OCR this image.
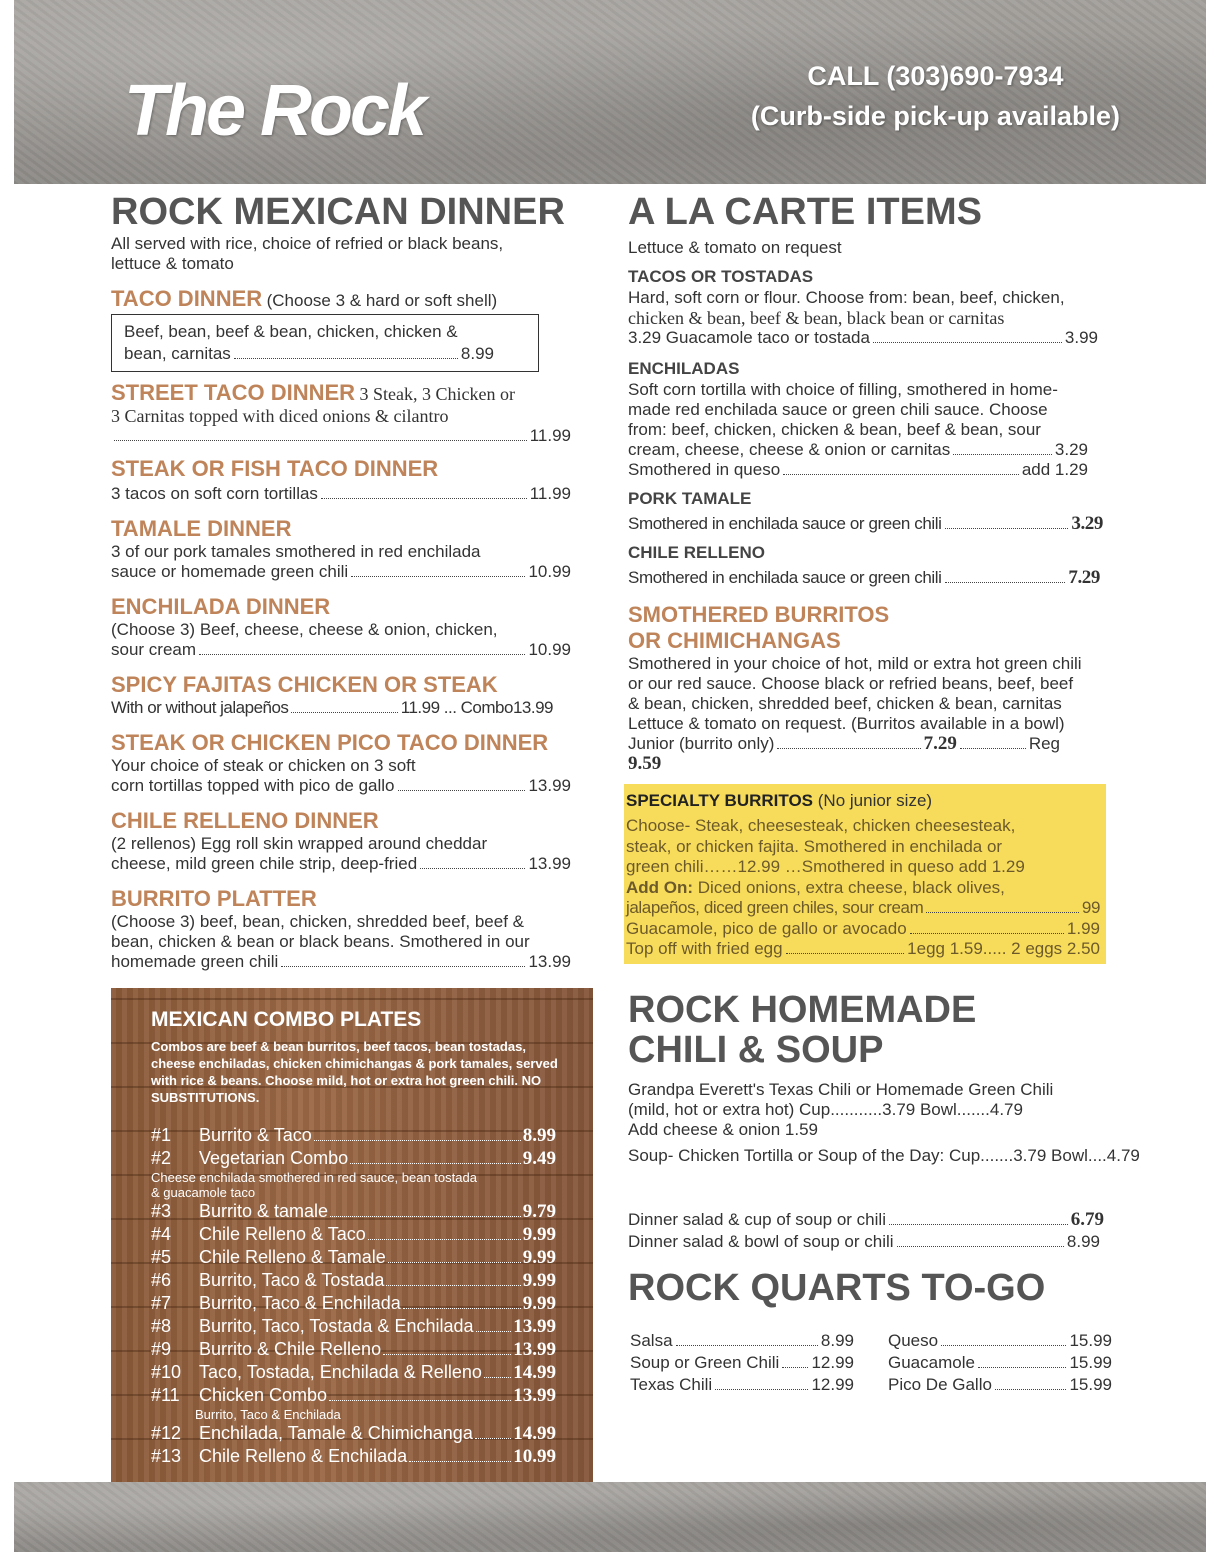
The Rock	CALL (303)690-7934
(Curb-side pick-up available)
ROCK MEXICAN DINNER
All served with rice, choice of refried or black beans,
lettuce & tomato
TACO DINNER (Choose 3 & hard or soft shell)
Beef, bean, beef & bean, chicken, chicken &
bean, carnitas	8.99
STREET TACO DINNER 3 Steak, 3 Chicken or
3 Carnitas topped with diced onions & cilantro
11.99
STEAK OR FISH TACO DINNER
3 tacos on soft corn tortillas	11.99
TAMALE DINNER
3 of our pork tamales smothered in red enchilada
sauce or homemade green chili	10.99
ENCHILADA DINNER
(Choose 3) Beef, cheese, cheese & onion, chicken,
sour cream	10.99
SPICY FAJITAS CHICKEN OR STEAK
With or without jalapeños	11.99 ... Combo13.99
STEAK OR CHICKEN PICO TACO DINNER
Your choice of steak or chicken on 3 soft
corn tortillas topped with pico de gallo	13.99
CHILE RELLENO DINNER
(2 rellenos) Egg roll skin wrapped around cheddar
cheese, mild green chile strip, deep-fried	13.99
BURRITO PLATTER
(Choose 3) beef, bean, chicken, shredded beef, beef &
bean, chicken & bean or black beans. Smothered in our
homemade green chili	13.99
MEXICAN COMBO PLATES
Combos are beef & bean burritos, beef tacos, bean tostadas, cheese enchiladas, chicken chimichangas & pork tamales, served with rice & beans. Choose mild, hot or extra hot green chili. NO SUBSTITUTIONS.
#1	Burrito & Taco	8.99
#2	Vegetarian Combo	9.49
Cheese enchilada smothered in red sauce, bean tostada & guacamole taco
#3	Burrito & tamale	9.79
#4	Chile Relleno & Taco	9.99
#5	Chile Relleno & Tamale	9.99
#6	Burrito, Taco & Tostada	9.99
#7	Burrito, Taco & Enchilada	9.99
#8	Burrito, Taco, Tostada & Enchilada 13.99
#9	Burrito & Chile Relleno	13.99
#10 Taco, Tostada, Enchilada & Relleno 14.99
#11	Chicken Combo	13.99
Burrito, Taco & Enchilada
#12 Enchilada, Tamale & Chimichanga 14.99
#13 Chile Relleno & Enchilada	10.99
A LA CARTE ITEMS
Lettuce & tomato on request
TACOS OR TOSTADAS
Hard, soft corn or flour. Choose from: bean, beef, chicken,
chicken & bean, beef & bean, black bean or carnitas
3.29 Guacamole taco or tostada	3.99
ENCHILADAS
Soft corn tortilla with choice of filling, smothered in home-
made red enchilada sauce or green chili sauce. Choose
from: beef, chicken, chicken & bean, beef & bean, sour
cream, cheese, cheese & onion or carnitas	3.29
Smothered in queso	add 1.29
PORK TAMALE
Smothered in enchilada sauce or green chili	3.29
CHILE RELLENO
Smothered in enchilada sauce or green chili	7.29
SMOTHERED BURRITOS
OR CHIMICHANGAS
Smothered in your choice of hot, mild or extra hot green chili
or our red sauce. Choose black or refried beans, beef, beef
& bean, chicken, shredded beef, chicken & bean, carnitas
Lettuce & tomato on request. (Burritos available in a bowl)
Junior (burrito only)	7.29	Reg
9.59
SPECIALTY BURRITOS (No junior size)
Choose- Steak, cheesesteak, chicken cheesesteak,
steak, or chicken fajita. Smothered in enchilada or
green chili……12.99 …Smothered in queso add 1.29
Add On: Diced onions, extra cheese, black olives,
jalapeños, diced green chiles, sour cream	99
Guacamole, pico de gallo or avocado	1.99
Top off with fried egg	1egg 1.59..... 2 eggs 2.50
ROCK HOMEMADE
CHILI & SOUP
Grandpa Everett's Texas Chili or Homemade Green Chili
(mild, hot or extra hot) Cup...........3.79 Bowl.......4.79
Add cheese & onion 1.59
Soup- Chicken Tortilla or Soup of the Day: Cup.......3.79 Bowl....4.79
Dinner salad & cup of soup or chili	6.79
Dinner salad & bowl of soup or chili	8.99
ROCK QUARTS TO-GO
Salsa	8.99
Soup or Green Chili 12.99
Texas Chili	12.99
Queso	15.99
Guacamole	15.99
Pico De Gallo	15.99
